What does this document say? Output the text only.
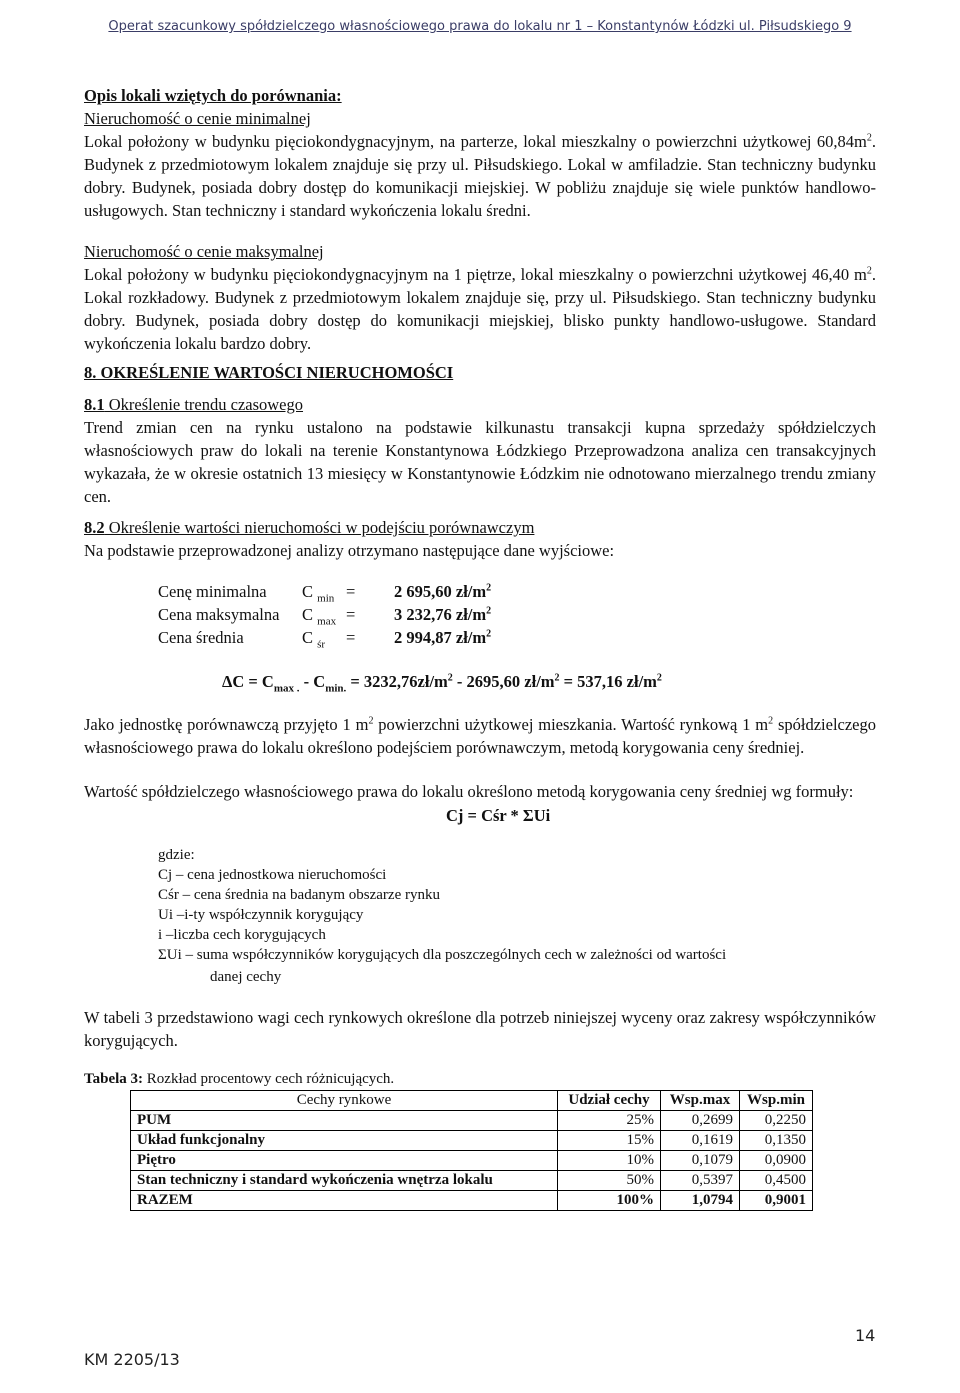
Operat szacunkowy spółdzielczego własnościowego prawa do lokalu nr 1 – Konstantynów Łódzki ul. Piłsudskiego 9
Opis lokali wziętych do porównania:
Nieruchomość o cenie minimalnej
Lokal położony w budynku pięciokondygnacyjnym, na parterze, lokal mieszkalny o powierzchni użytkowej $60,84m^2$. Budynek z przedmiotowym lokalem znajduje się przy ul. Piłsudskiego. Lokal w amfiladzie. Stan techniczny budynku dobry. Budynek, posiada dobry dostęp do komunikacji miejskiej. W pobliżu znajduje się wiele punktów handlowo-usługowych. Stan techniczny i standard wykończenia lokalu średni.
Nieruchomość o cenie maksymalnej
Lokal położony w budynku pięciokondygnacyjnym na 1 piętrze, lokal mieszkalny o powierzchni użytkowej 46,40 $m^2$. Lokal rozkładowy. Budynek z przedmiotowym lokalem znajduje się, przy ul. Piłsudskiego. Stan techniczny budynku dobry. Budynek, posiada dobry dostęp do komunikacji miejskiej, blisko punkty handlowo-usługowe. Standard wykończenia lokalu bardzo dobry.
8. OKREŚLENIE WARTOŚCI NIERUCHOMOŚCI
8.1 Określenie trendu czasowego
Trend zmian cen na rynku ustalono na podstawie kilkunastu transakcji kupna sprzedaży spółdzielczych własnościowych praw do lokali na terenie Konstantynowa Łódzkiego Przeprowadzona analiza cen transakcyjnych wykazała, że w okresie ostatnich 13 miesięcy w Konstantynowie Łódzkim nie odnotowano mierzalnego trendu zmiany cen.
8.2 Określenie wartości nieruchomości w podejściu porównawczym
Na podstawie przeprowadzonej analizy otrzymano następujące dane wyjściowe:
Cenę minimalna C $_{min}$ = 2 695,60 $zł/m^2$
Cena maksymalna C $_{max}$ = 3 232,76 $zł/m^2$
Cena średnia	C $_{śr}$ = 2 994,87 $zł/m^2$
$\Delta C = C_{max .} - C_{min.}$ = $3232,76zł/m^2 - 2695,60$ $zł/m^2 = 537,16$ $zł/m^2$
Jako jednostkę porównawczą przyjęto 1 $m^2$ powierzchni użytkowej mieszkania. Wartość rynkową 1 $m^2$ spółdzielczego własnościowego prawa do lokalu określono podejściem porównawczym, metodą korygowania ceny średniej.
Wartość spółdzielczego własnościowego prawa do lokalu określono metodą korygowania ceny średniej wg formuły:
Cj = Cśr * ΣUi
gdzie:
Cj – cena jednostkowa nieruchomości
Cśr – cena średnia na badanym obszarze rynku
Ui –i-ty współczynnik korygujący
i –liczba cech korygujących
ΣUi – suma współczynników korygujących dla poszczególnych cech w zależności od wartości
danej cechy
W tabeli 3 przedstawiono wagi cech rynkowych określone dla potrzeb niniejszej wyceny oraz zakresy współczynników korygujących.
Tabela 3: Rozkład procentowy cech różnicujących.
Cechy rynkowe	Udział cechy	Wsp.max	Wsp.min
PUM	25%	0,2699	0,2250
Układ funkcjonalny	15%	0,1619	0,1350
Piętro	10%	0,1079	0,0900
Stan techniczny i standard wykończenia wnętrza lokalu	50%	0,5397	0,4500
RAZEM	100%	1,0794	0,9001
14
KM 2205/13
